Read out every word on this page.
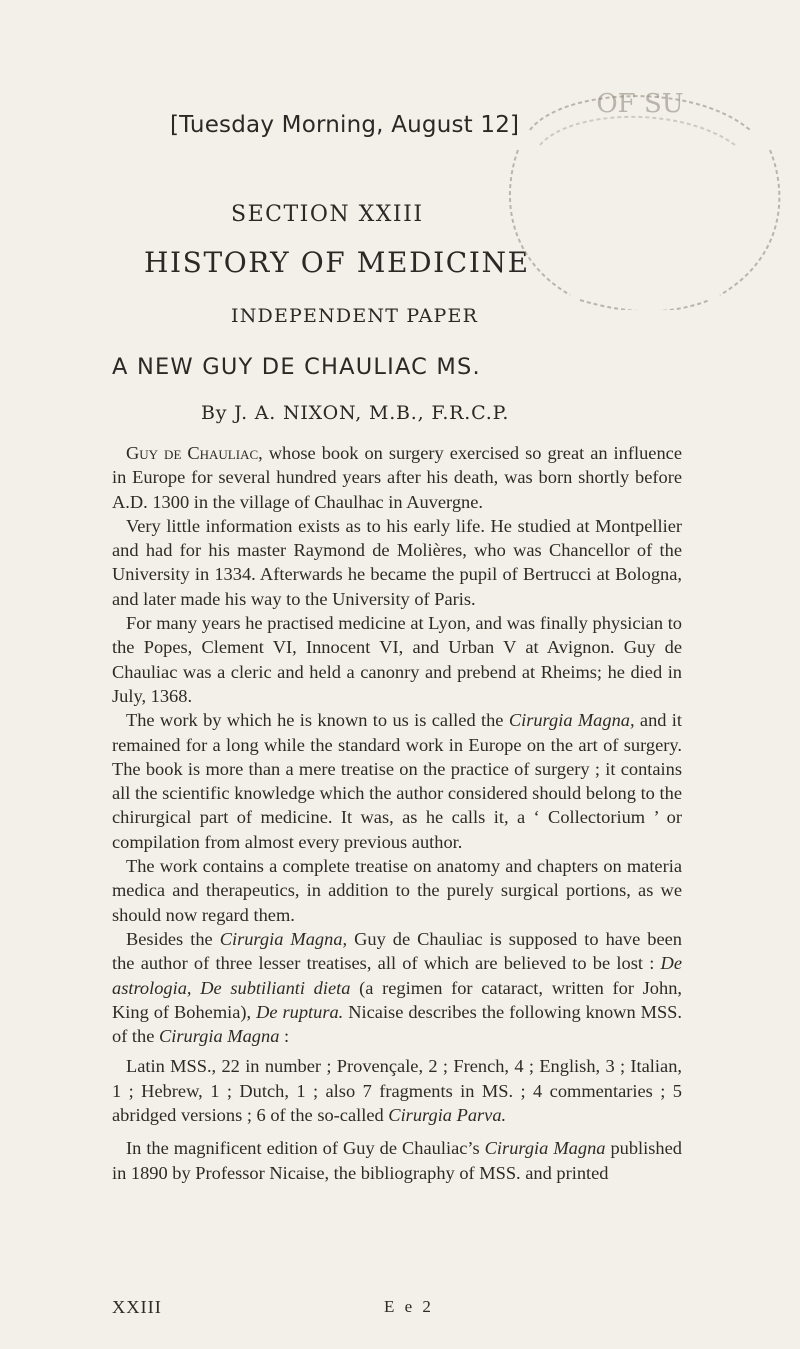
[Tuesday Morning, August 12]
SECTION XXIII
HISTORY OF MEDICINE
INDEPENDENT PAPER
A NEW GUY DE CHAULIAC MS.
By J. A. NIXON, M.B., F.R.C.P.
OF SU

Guy de Chauliac, whose book on surgery exercised so great an influence in Europe for several hundred years after his death, was born shortly before A.D. 1300 in the village of Chaulhac in Auvergne.

Very little information exists as to his early life. He studied at Montpellier and had for his master Raymond de Molières, who was Chancellor of the University in 1334. Afterwards he became the pupil of Bertrucci at Bologna, and later made his way to the University of Paris.

For many years he practised medicine at Lyon, and was finally physician to the Popes, Clement VI, Innocent VI, and Urban V at Avignon. Guy de Chauliac was a cleric and held a canonry and prebend at Rheims; he died in July, 1368.

The work by which he is known to us is called the Cirurgia Magna, and it remained for a long while the standard work in Europe on the art of surgery. The book is more than a mere treatise on the practice of surgery ; it contains all the scientific knowledge which the author considered should belong to the chirurgical part of medicine. It was, as he calls it, a ‘ Collectorium ’ or compilation from almost every previous author.

The work contains a complete treatise on anatomy and chapters on materia medica and therapeutics, in addition to the purely surgical portions, as we should now regard them.

Besides the Cirurgia Magna, Guy de Chauliac is supposed to have been the author of three lesser treatises, all of which are believed to be lost : De astrologia, De subtilianti dieta (a regimen for cataract, written for John, King of Bohemia), De ruptura. Nicaise describes the following known MSS. of the Cirurgia Magna :

Latin MSS., 22 in number ; Provençale, 2 ; French, 4 ; English, 3 ; Italian, 1 ; Hebrew, 1 ; Dutch, 1 ; also 7 fragments in MS. ; 4 commentaries ; 5 abridged versions ; 6 of the so-called Cirurgia Parva.

In the magnificent edition of Guy de Chauliac’s Cirurgia Magna published in 1890 by Professor Nicaise, the bibliography of MSS. and printed

XXIII	E e 2
